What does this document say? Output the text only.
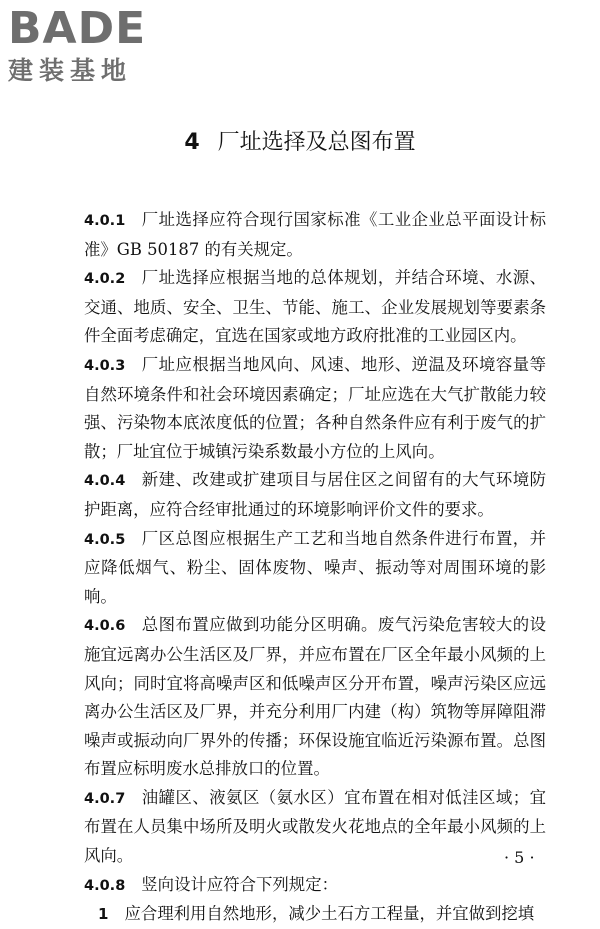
BADE
建装基地
4 厂址选择及总图布置

4.0.1 厂址选择应符合现行国家标准《工业企业总平面设计标准》GB 50187 的有关规定。

4.0.2 厂址选择应根据当地的总体规划，并结合环境、水源、交通、地质、安全、卫生、节能、施工、企业发展规划等要素条件全面考虑确定，宜选在国家或地方政府批准的工业园区内。

4.0.3 厂址应根据当地风向、风速、地形、逆温及环境容量等自然环境条件和社会环境因素确定；厂址应选在大气扩散能力较强、污染物本底浓度低的位置；各种自然条件应有利于废气的扩散；厂址宜位于城镇污染系数最小方位的上风向。

4.0.4 新建、改建或扩建项目与居住区之间留有的大气环境防护距离，应符合经审批通过的环境影响评价文件的要求。

4.0.5 厂区总图应根据生产工艺和当地自然条件进行布置，并应降低烟气、粉尘、固体废物、噪声、振动等对周围环境的影响。

4.0.6 总图布置应做到功能分区明确。废气污染危害较大的设施宜远离办公生活区及厂界，并应布置在厂区全年最小风频的上风向；同时宜将高噪声区和低噪声区分开布置，噪声污染区应远离办公生活区及厂界，并充分利用厂内建（构）筑物等屏障阻滞噪声或振动向厂界外的传播；环保设施宜临近污染源布置。总图布置应标明废水总排放口的位置。

4.0.7 油罐区、液氨区（氨水区）宜布置在相对低洼区域；宜布置在人员集中场所及明火或散发火花地点的全年最小风频的上风向。

4.0.8 竖向设计应符合下列规定：

1 应合理利用自然地形，减少土石方工程量，并宜做到挖填

· 5 ·
